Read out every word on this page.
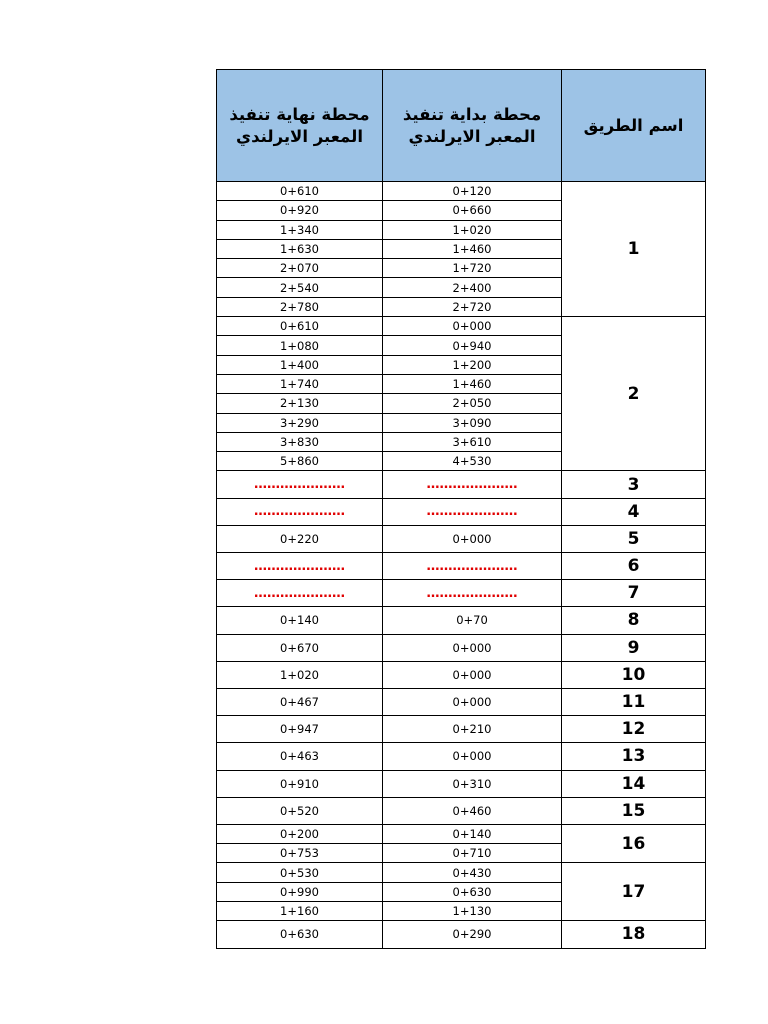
محطة نهاية تنفيذ المعبر الايرلندي	محطة بداية تنفيذ المعبر الايرلندي	اسم الطريق
0+610	0+120	1
0+920	0+660	
1+340	1+020	
1+630	1+460	
2+070	1+720	
2+540	2+400	
2+780	2+720	
0+610	0+000	2
1+080	0+940	
1+400	1+200	
1+740	1+460	
2+130	2+050	
3+290	3+090	
3+830	3+610	
5+860	4+530	
…………………	…………………	3
…………………	…………………	4
0+220	0+000	5
…………………	…………………	6
…………………	…………………	7
0+140	0+70	8
0+670	0+000	9
1+020	0+000	10
0+467	0+000	11
0+947	0+210	12
0+463	0+000	13
0+910	0+310	14
0+520	0+460	15
0+200	0+140	16
0+753	0+710	
0+530	0+430	17
0+990	0+630	
1+160	1+130	
0+630	0+290	18
